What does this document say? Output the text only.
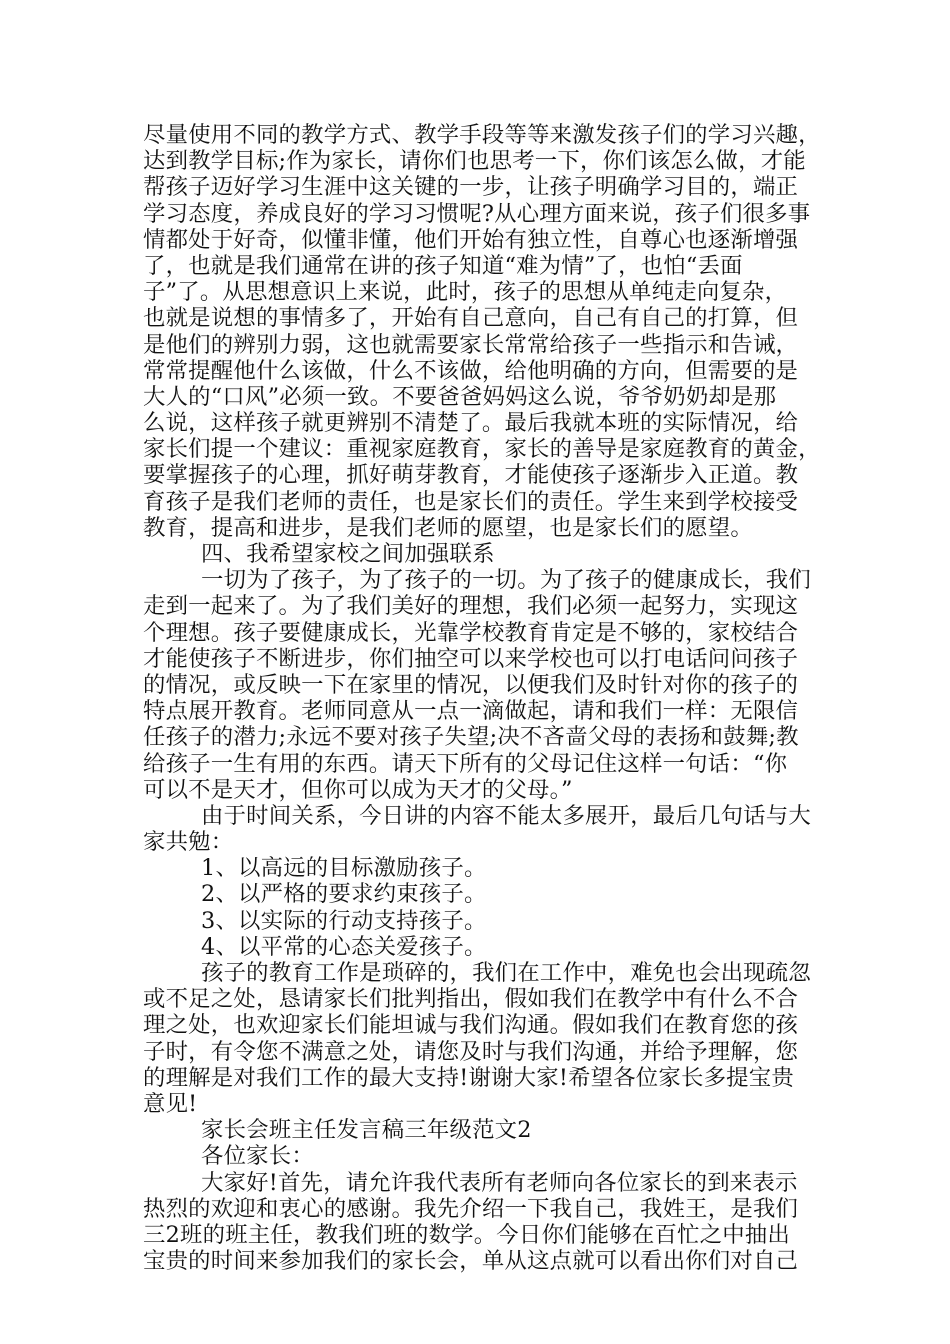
尽量使用不同的教学方式、教学手段等等来激发孩子们的学习兴趣，
达到教学目标;作为家长，请你们也思考一下，你们该怎么做，才能
帮孩子迈好学习生涯中这关键的一步，让孩子明确学习目的，端正
学习态度，养成良好的学习习惯呢?从心理方面来说，孩子们很多事
情都处于好奇，似懂非懂，他们开始有独立性，自尊心也逐渐增强
了，也就是我们通常在讲的孩子知道“难为情”了，也怕“丢面
子”了。从思想意识上来说，此时，孩子的思想从单纯走向复杂，
也就是说想的事情多了，开始有自己意向，自己有自己的打算，但
是他们的辨别力弱，这也就需要家长常常给孩子一些指示和告诫，
常常提醒他什么该做，什么不该做，给他明确的方向，但需要的是
大人的“口风”必须一致。不要爸爸妈妈这么说，爷爷奶奶却是那
么说，这样孩子就更辨别不清楚了。最后我就本班的实际情况，给
家长们提一个建议：重视家庭教育，家长的善导是家庭教育的黄金，
要掌握孩子的心理，抓好萌芽教育，才能使孩子逐渐步入正道。教
育孩子是我们老师的责任，也是家长们的责任。学生来到学校接受
教育，提高和进步，是我们老师的愿望，也是家长们的愿望。
四、我希望家校之间加强联系
一切为了孩子，为了孩子的一切。为了孩子的健康成长，我们
走到一起来了。为了我们美好的理想，我们必须一起努力，实现这
个理想。孩子要健康成长，光靠学校教育肯定是不够的，家校结合
才能使孩子不断进步，你们抽空可以来学校也可以打电话问问孩子
的情况，或反映一下在家里的情况，以便我们及时针对你的孩子的
特点展开教育。老师同意从一点一滴做起，请和我们一样：无限信
任孩子的潜力;永远不要对孩子失望;决不吝啬父母的表扬和鼓舞;教
给孩子一生有用的东西。请天下所有的父母记住这样一句话：“你
可以不是天才，但你可以成为天才的父母。”
由于时间关系，今日讲的内容不能太多展开，最后几句话与大
家共勉：
1、以高远的目标激励孩子。
2、以严格的要求约束孩子。
3、以实际的行动支持孩子。
4、以平常的心态关爱孩子。
孩子的教育工作是琐碎的，我们在工作中，难免也会出现疏忽
或不足之处，恳请家长们批判指出，假如我们在教学中有什么不合
理之处，也欢迎家长们能坦诚与我们沟通。假如我们在教育您的孩
子时，有令您不满意之处，请您及时与我们沟通，并给予理解，您
的理解是对我们工作的最大支持!谢谢大家!希望各位家长多提宝贵
意见!
家长会班主任发言稿三年级范文2
各位家长：
大家好!首先，请允许我代表所有老师向各位家长的到来表示
热烈的欢迎和衷心的感谢。我先介绍一下我自己，我姓王，是我们
三2班的班主任，教我们班的数学。今日你们能够在百忙之中抽出
宝贵的时间来参加我们的家长会，单从这点就可以看出你们对自己
